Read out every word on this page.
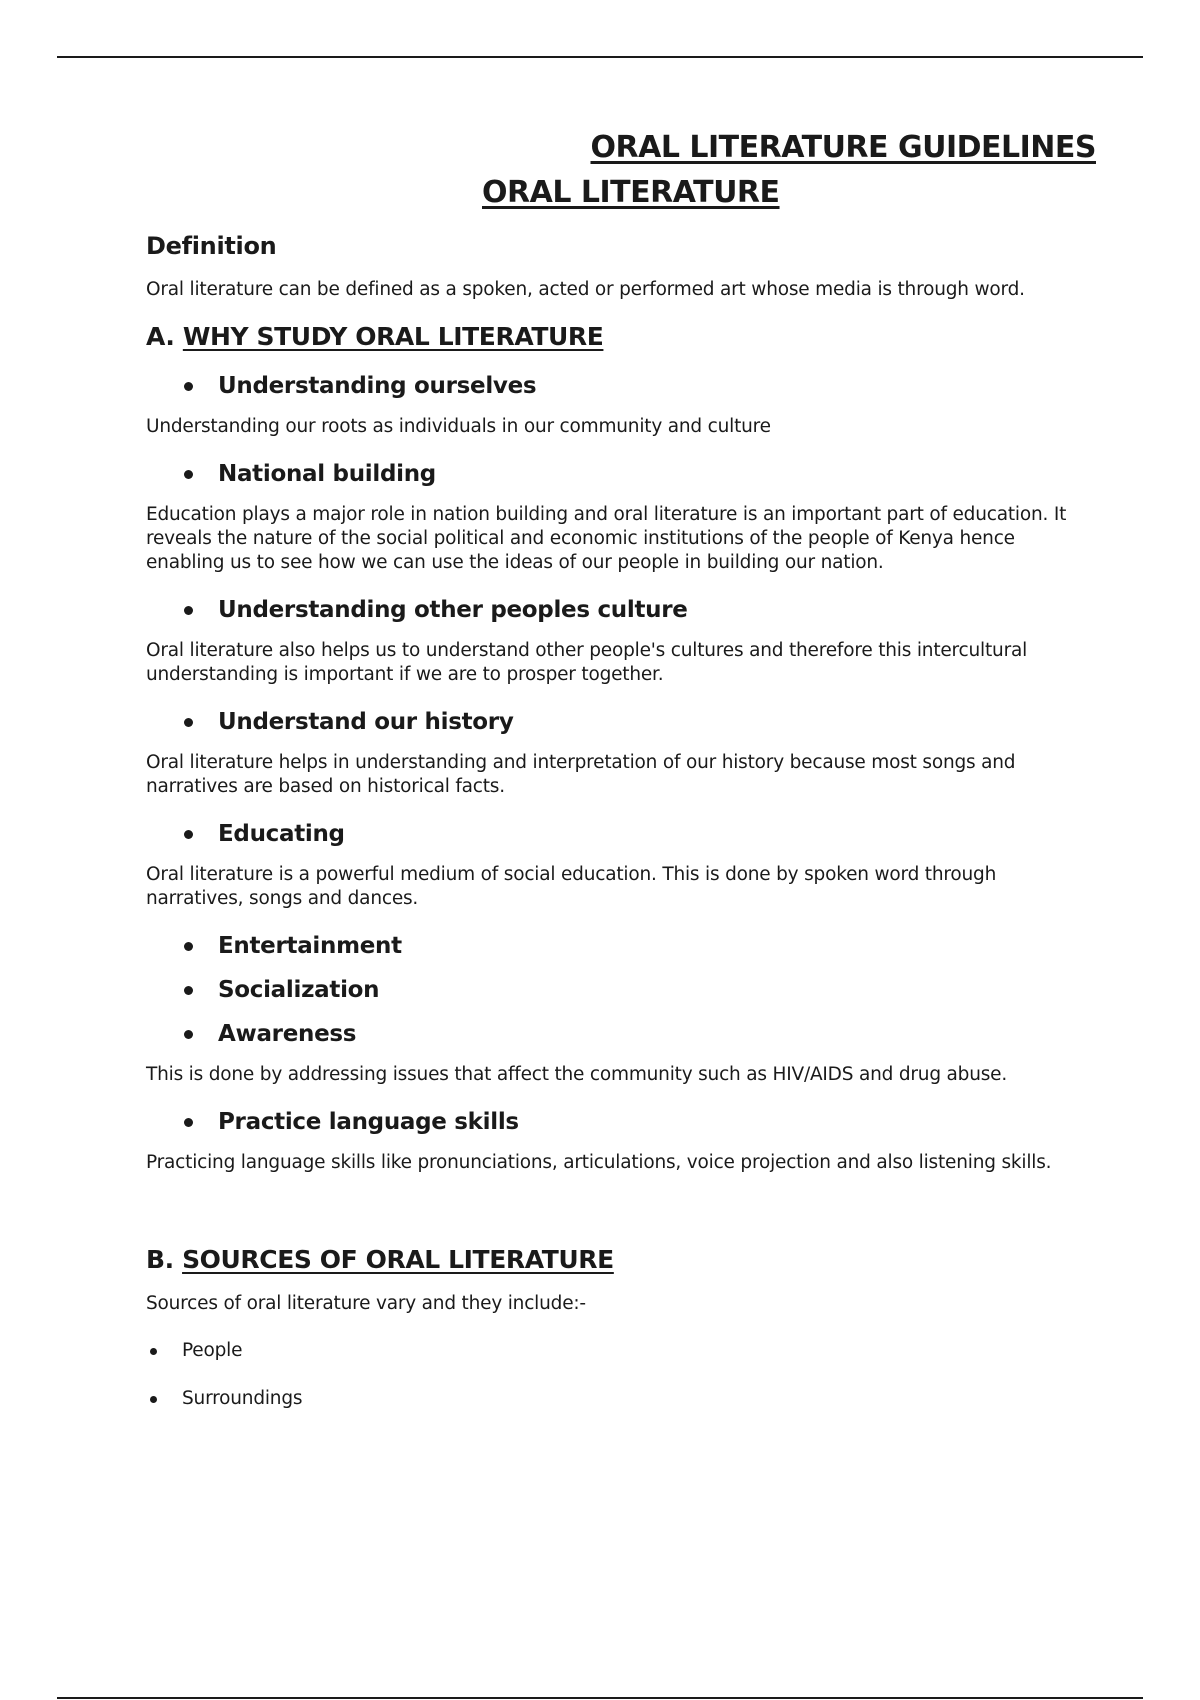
ORAL LITERATURE GUIDELINES
ORAL LITERATURE
Definition

Oral literature can be defined as a spoken, acted or performed art whose media is through word.

A. WHY STUDY ORAL LITERATURE
Understanding ourselves

Understanding our roots as individuals in our community and culture

National building

Education plays a major role in nation building and oral literature is an important part of education. It reveals the nature of the social political and economic institutions of the people of Kenya hence enabling us to see how we can use the ideas of our people in building our nation.

Understanding other peoples culture

Oral literature also helps us to understand other people's cultures and therefore this intercultural understanding is important if we are to prosper together.

Understand our history

Oral literature helps in understanding and interpretation of our history because most songs and narratives are based on historical facts.

Educating

Oral literature is a powerful medium of social education. This is done by spoken word through narratives, songs and dances.

Entertainment
Socialization
Awareness

This is done by addressing issues that affect the community such as HIV/AIDS and drug abuse.

Practice language skills

Practicing language skills like pronunciations, articulations, voice projection and also listening skills.

B. SOURCES OF ORAL LITERATURE

Sources of oral literature vary and they include:-

People
Surroundings
